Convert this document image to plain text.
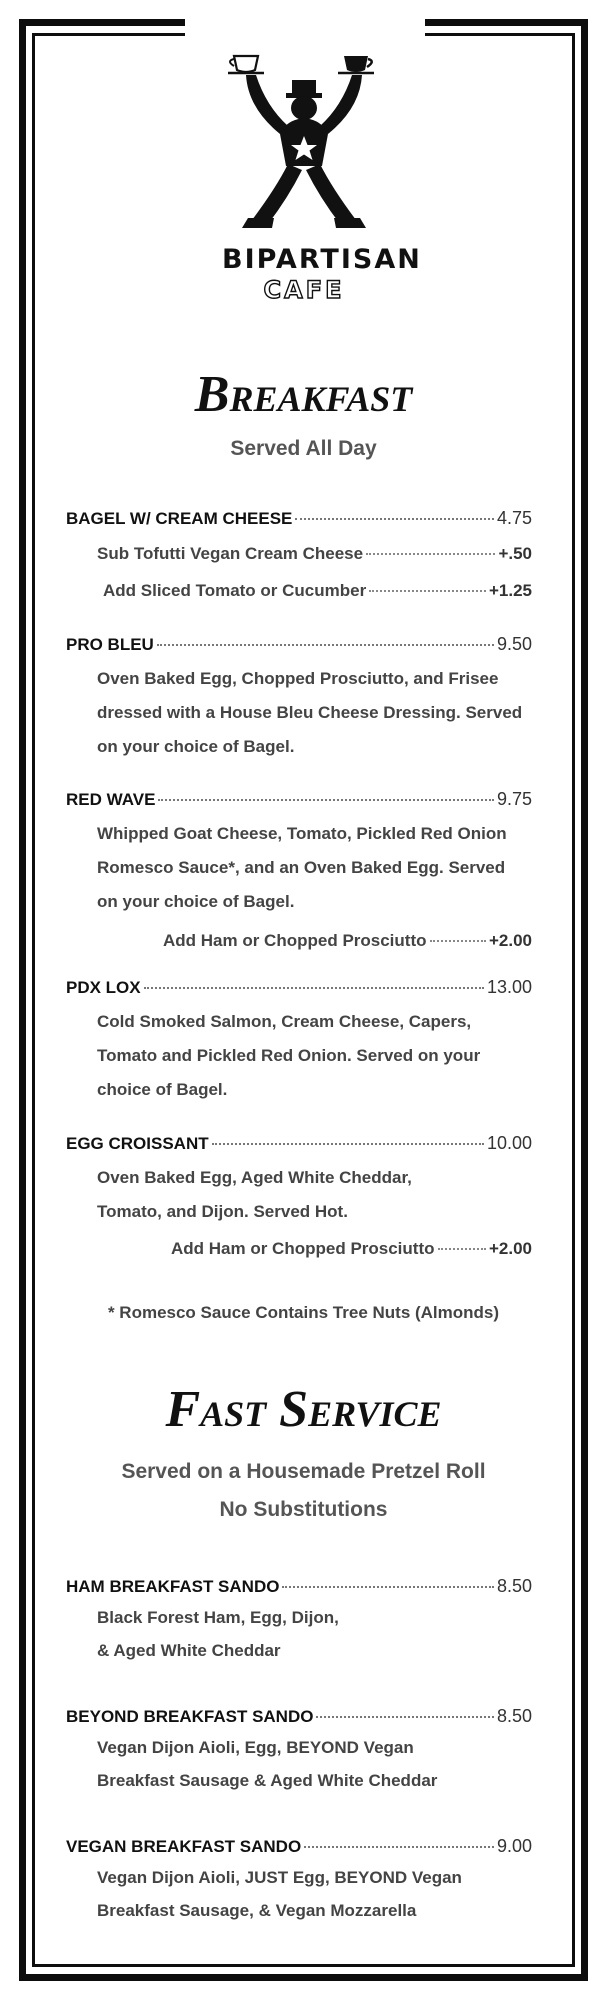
BIPARTISAN
CAFE
Breakfast
Served All Day
BAGEL W/ CREAM CHEESE	4.75
Sub Tofutti Vegan Cream Cheese	+.50
Add Sliced Tomato or Cucumber	+1.25
PRO BLEU	9.50
Oven Baked Egg, Chopped Prosciutto, and Frisee
dressed with a House Bleu Cheese Dressing. Served
on your choice of Bagel.
RED WAVE	9.75
Whipped Goat Cheese, Tomato, Pickled Red Onion
Romesco Sauce*, and an Oven Baked Egg. Served
on your choice of Bagel.
Add Ham or Chopped Prosciutto	+2.00
PDX LOX	13.00
Cold Smoked Salmon, Cream Cheese, Capers,
Tomato and Pickled Red Onion. Served on your
choice of Bagel.
EGG CROISSANT	10.00
Oven Baked Egg, Aged White Cheddar,
Tomato, and Dijon. Served Hot.
Add Ham or Chopped Prosciutto	+2.00
* Romesco Sauce Contains Tree Nuts (Almonds)
Fast Service
Served on a Housemade Pretzel Roll
No Substitutions
HAM BREAKFAST SANDO	8.50
Black Forest Ham, Egg, Dijon,
& Aged White Cheddar
BEYOND BREAKFAST SANDO	8.50
Vegan Dijon Aioli, Egg, BEYOND Vegan
Breakfast Sausage & Aged White Cheddar
VEGAN BREAKFAST SANDO	9.00
Vegan Dijon Aioli, JUST Egg, BEYOND Vegan
Breakfast Sausage, & Vegan Mozzarella
